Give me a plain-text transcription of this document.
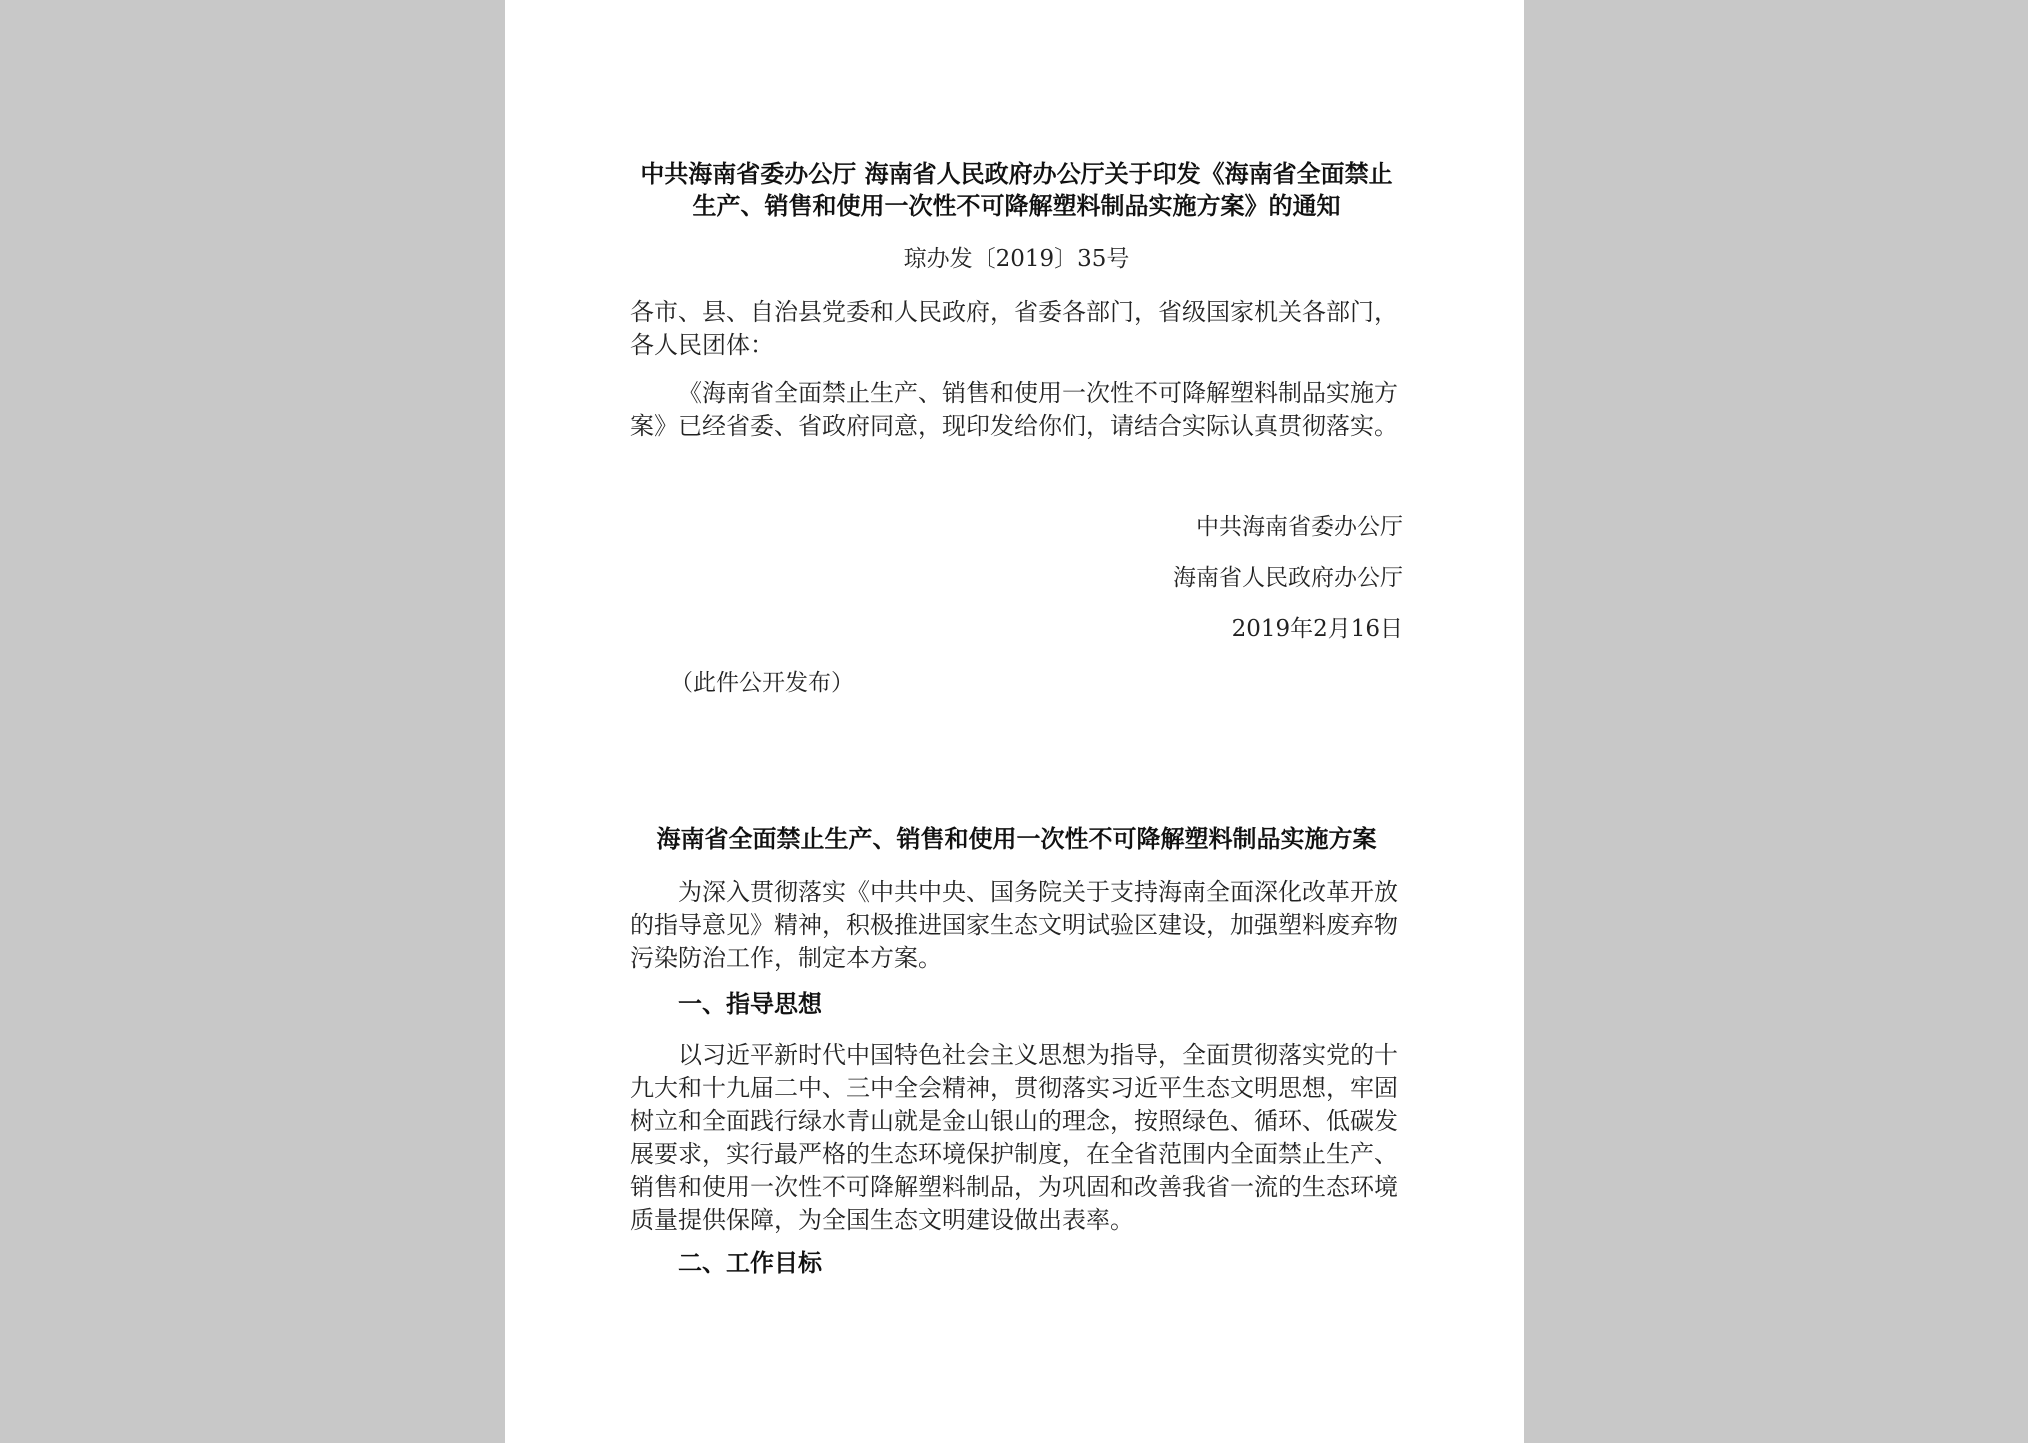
中共海南省委办公厅 海南省人民政府办公厅关于印发《海南省全面禁止
生产、销售和使用一次性不可降解塑料制品实施方案》的通知
琼办发〔2019〕35号
各市、县、自治县党委和人民政府，省委各部门，省级国家机关各部门，各人民团体：
《海南省全面禁止生产、销售和使用一次性不可降解塑料制品实施方案》已经省委、省政府同意，现印发给你们，请结合实际认真贯彻落实。
中共海南省委办公厅
海南省人民政府办公厅
2019年2月16日
（此件公开发布）
海南省全面禁止生产、销售和使用一次性不可降解塑料制品实施方案
为深入贯彻落实《中共中央、国务院关于支持海南全面深化改革开放的指导意见》精神，积极推进国家生态文明试验区建设，加强塑料废弃物污染防治工作，制定本方案。
一、指导思想
以习近平新时代中国特色社会主义思想为指导，全面贯彻落实党的十九大和十九届二中、三中全会精神，贯彻落实习近平生态文明思想，牢固树立和全面践行绿水青山就是金山银山的理念，按照绿色、循环、低碳发展要求，实行最严格的生态环境保护制度，在全省范围内全面禁止生产、销售和使用一次性不可降解塑料制品，为巩固和改善我省一流的生态环境质量提供保障，为全国生态文明建设做出表率。
二、工作目标
